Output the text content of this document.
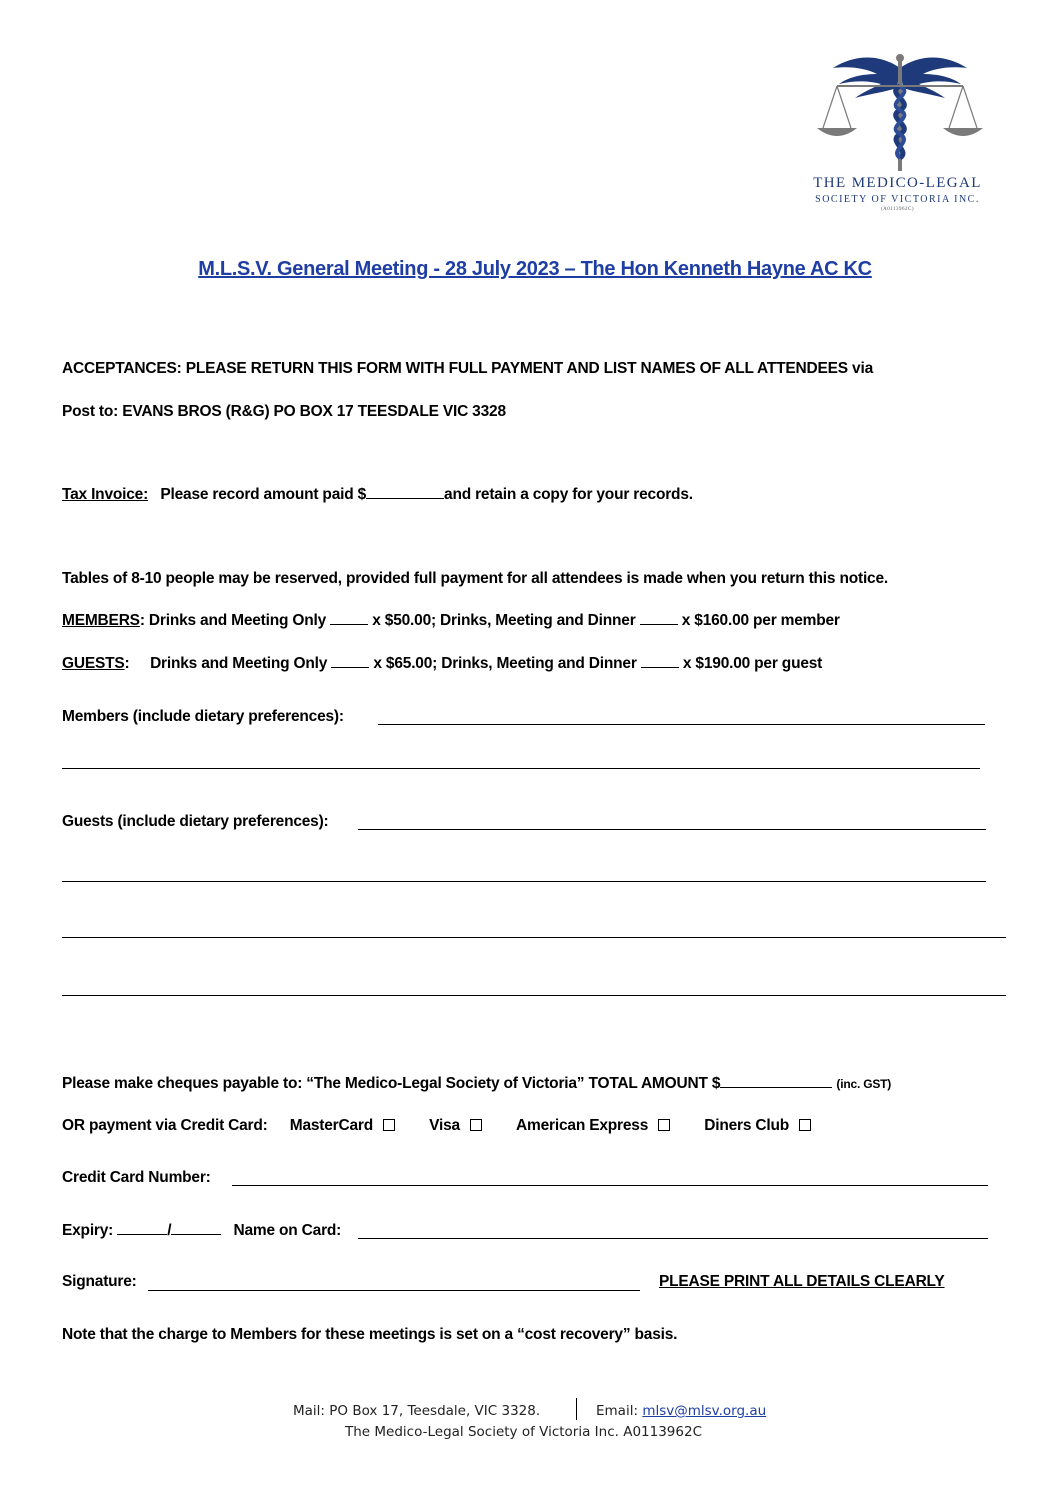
THE MEDICO-LEGAL
SOCIETY OF VICTORIA INC.
(A0113962C)
M.L.S.V. General Meeting - 28 July 2023 – The Hon Kenneth Hayne AC KC
ACCEPTANCES: PLEASE RETURN THIS FORM WITH FULL PAYMENT AND LIST NAMES OF ALL ATTENDEES via
Post to: EVANS BROS (R&G) PO BOX 17 TEESDALE VIC 3328
Tax Invoice: Please record amount paid $	and retain a copy for your records.
Tables of 8-10 people may be reserved, provided full payment for all attendees is made when you return this notice.
MEMBERS: Drinks and Meeting Only	x $50.00; Drinks, Meeting and Dinner	x $160.00 per member
GUESTS: Drinks and Meeting Only	x $65.00; Drinks, Meeting and Dinner	x $190.00 per guest
Members (include dietary preferences):
Guests (include dietary preferences):
Please make cheques payable to: “The Medico-Legal Society of Victoria” TOTAL AMOUNT $	(inc. GST)
OR payment via Credit Card: MasterCard	Visa	American Express	Diners Club
Credit Card Number:
Expiry:	/	Name on Card:
Signature:	PLEASE PRINT ALL DETAILS CLEARLY
Note that the charge to Members for these meetings is set on a “cost recovery” basis.
Mail: PO Box 17, Teesdale, VIC 3328.	Email: mlsv@mlsv.org.au
The Medico-Legal Society of Victoria Inc. A0113962C
